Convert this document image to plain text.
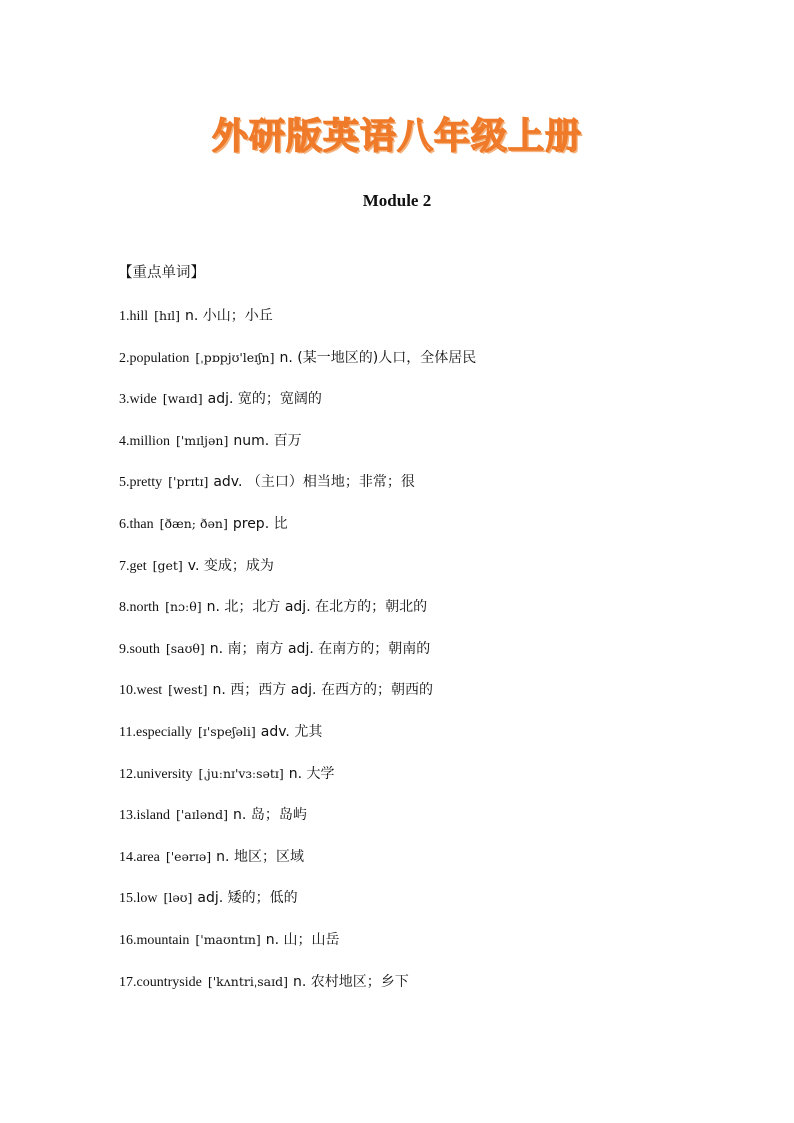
外研版英语八年级上册
Module 2
【重点单词】
1.hill [hɪl] n. 小山；小丘
2.population [ˌpɒpjʊ'leɪʃn] n. (某一地区的)人口，全体居民
3.wide [waɪd] adj. 宽的；宽阔的
4.million ['mɪljən] num. 百万
5.pretty ['prɪtɪ] adv. （主口）相当地；非常；很
6.than [ðæn; ðən] prep. 比
7.get [get] v. 变成；成为
8.north [nɔːθ] n. 北；北方 adj. 在北方的；朝北的
9.south [saʊθ] n. 南；南方 adj. 在南方的；朝南的
10.west [west] n. 西；西方 adj. 在西方的；朝西的
11.especially [ɪ'speʃəli] adv. 尤其
12.university [ˌjuːnɪ'vɜːsətɪ] n. 大学
13.island ['aɪlənd] n. 岛；岛屿
14.area ['eərɪə] n. 地区；区域
15.low [ləʊ] adj. 矮的；低的
16.mountain ['maʊntɪn] n. 山；山岳
17.countryside ['kʌntriˌsaɪd] n. 农村地区；乡下
